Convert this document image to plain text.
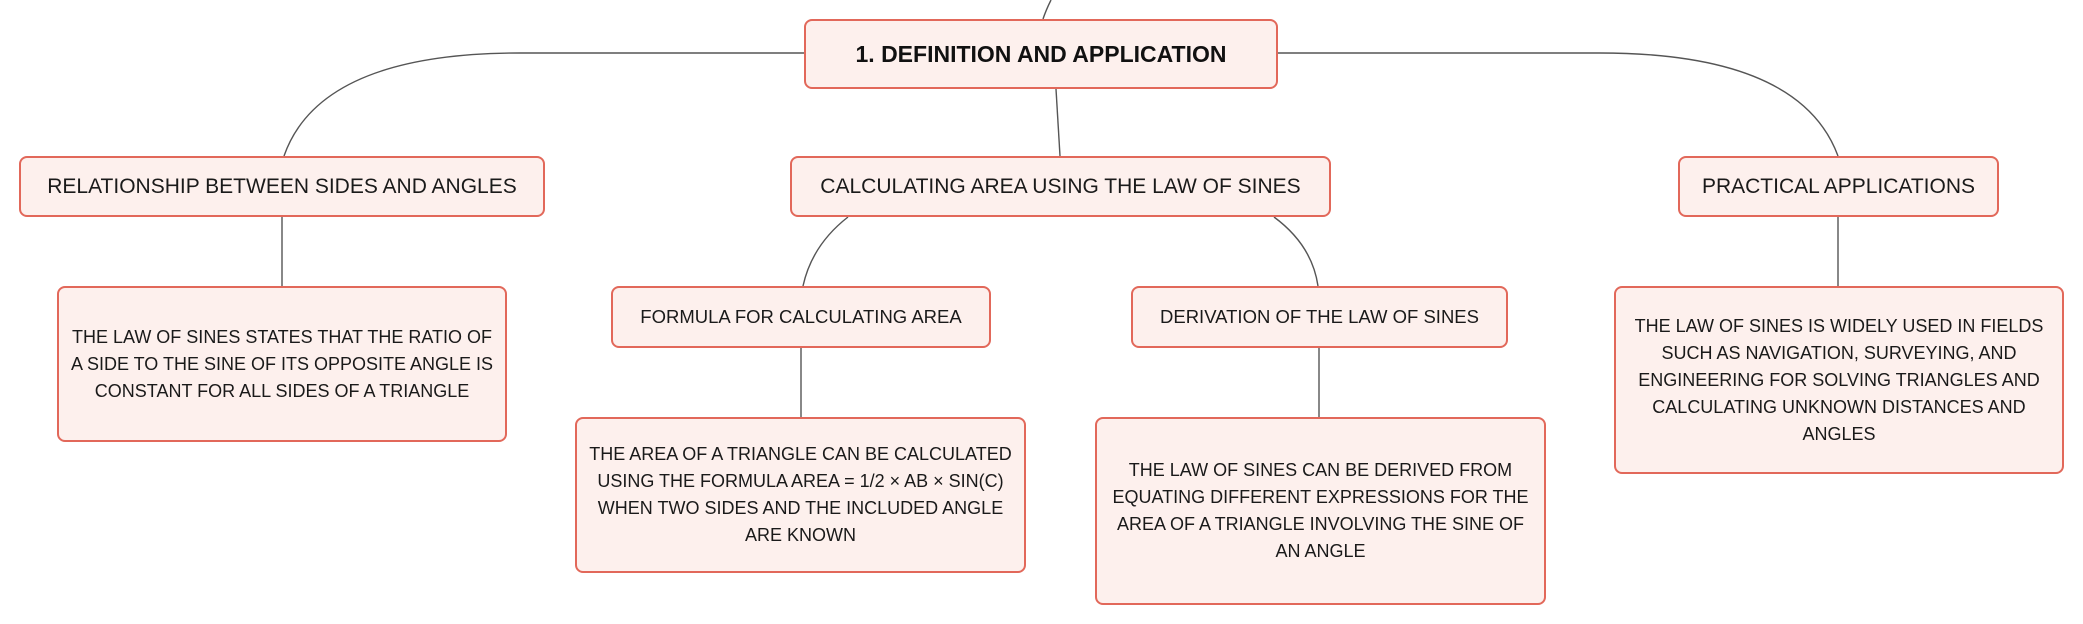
1. DEFINITION AND APPLICATION
RELATIONSHIP BETWEEN SIDES AND ANGLES	CALCULATING AREA USING THE LAW OF SINES	PRACTICAL APPLICATIONS
FORMULA FOR CALCULATING AREA	DERIVATION OF THE LAW OF SINES
THE LAW OF SINES STATES THAT THE RATIO OF A SIDE TO THE SINE OF ITS OPPOSITE ANGLE IS CONSTANT FOR ALL SIDES OF A TRIANGLE
THE LAW OF SINES IS WIDELY USED IN FIELDS SUCH AS NAVIGATION, SURVEYING, AND ENGINEERING FOR SOLVING TRIANGLES AND CALCULATING UNKNOWN DISTANCES AND ANGLES
THE AREA OF A TRIANGLE CAN BE CALCULATED USING THE FORMULA AREA = 1/2 × AB × SIN(C) WHEN TWO SIDES AND THE INCLUDED ANGLE ARE KNOWN
THE LAW OF SINES CAN BE DERIVED FROM EQUATING DIFFERENT EXPRESSIONS FOR THE AREA OF A TRIANGLE INVOLVING THE SINE OF AN ANGLE
